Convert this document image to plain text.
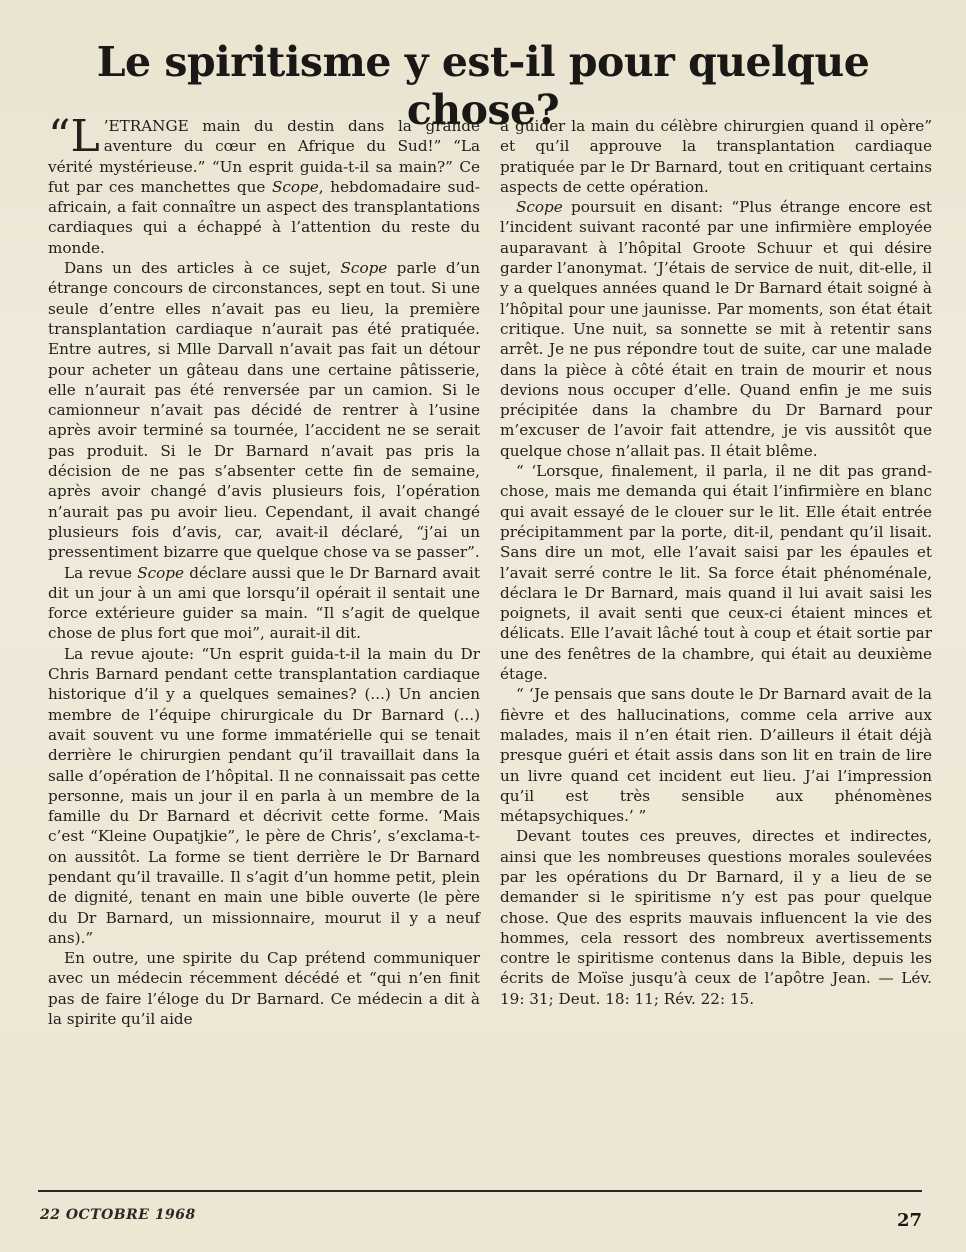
Le spiritisme y est-il pour quelque chose?

“L ’ETRANGE main du destin dans la grande aventure du cœur en Afrique du Sud!” “La vérité mystérieuse.” “Un esprit guida-t-il sa main?” Ce fut par ces manchettes que Scope, hebdomadaire sud-africain, a fait connaître un aspect des transplantations cardiaques qui a échappé à l’attention du reste du monde.

Dans un des articles à ce sujet, Scope parle d’un étrange concours de circonstances, sept en tout. Si une seule d’entre elles n’avait pas eu lieu, la première transplantation cardiaque n’aurait pas été pratiquée. Entre autres, si Mlle Darvall n’avait pas fait un détour pour acheter un gâteau dans une certaine pâtisserie, elle n’aurait pas été renversée par un camion. Si le camionneur n’avait pas décidé de rentrer à l’usine après avoir terminé sa tournée, l’accident ne se serait pas produit. Si le Dr Barnard n’avait pas pris la décision de ne pas s’absenter cette fin de semaine, après avoir changé d’avis plusieurs fois, l’opération n’aurait pas pu avoir lieu. Cependant, il avait changé plusieurs fois d’avis, car, avait-il déclaré, “j’ai un pressentiment bizarre que quelque chose va se passer”.

La revue Scope déclare aussi que le Dr Barnard avait dit un jour à un ami que lorsqu’il opérait il sentait une force extérieure guider sa main. “Il s’agit de quelque chose de plus fort que moi”, aurait-il dit.

La revue ajoute: “Un esprit guida-t-il la main du Dr Chris Barnard pendant cette transplantation cardiaque historique d’il y a quelques semaines? (...) Un ancien membre de l’équipe chirurgicale du Dr Barnard (...) avait souvent vu une forme immatérielle qui se tenait derrière le chirurgien pendant qu’il travaillait dans la salle d’opération de l’hôpital. Il ne connaissait pas cette personne, mais un jour il en parla à un membre de la famille du Dr Barnard et décrivit cette forme. ‘Mais c’est “Kleine Oupatjkie”, le père de Chris’, s’exclama-t-on aussitôt. La forme se tient derrière le Dr Barnard pendant qu’il travaille. Il s’agit d’un homme petit, plein de dignité, tenant en main une bible ouverte (le père du Dr Barnard, un missionnaire, mourut il y a neuf ans).”

En outre, une spirite du Cap prétend communiquer avec un médecin récemment décédé et “qui n’en finit pas de faire l’éloge du Dr Barnard. Ce médecin a dit à la spirite qu’il aide

à guider la main du célèbre chirurgien quand il opère” et qu’il approuve la transplantation cardiaque pratiquée par le Dr Barnard, tout en critiquant certains aspects de cette opération.

Scope poursuit en disant: “Plus étrange encore est l’incident suivant raconté par une infirmière employée auparavant à l’hôpital Groote Schuur et qui désire garder l’anonymat. ‘J’étais de service de nuit, dit-elle, il y a quelques années quand le Dr Barnard était soigné à l’hôpital pour une jaunisse. Par moments, son état était critique. Une nuit, sa sonnette se mit à retentir sans arrêt. Je ne pus répondre tout de suite, car une malade dans la pièce à côté était en train de mourir et nous devions nous occuper d’elle. Quand enfin je me suis précipitée dans la chambre du Dr Barnard pour m’excuser de l’avoir fait attendre, je vis aussitôt que quelque chose n’allait pas. Il était blême.

“ ‘Lorsque, finalement, il parla, il ne dit pas grand-chose, mais me demanda qui était l’infirmière en blanc qui avait essayé de le clouer sur le lit. Elle était entrée précipitamment par la porte, dit-il, pendant qu’il lisait. Sans dire un mot, elle l’avait saisi par les épaules et l’avait serré contre le lit. Sa force était phénoménale, déclara le Dr Barnard, mais quand il lui avait saisi les poignets, il avait senti que ceux-ci étaient minces et délicats. Elle l’avait lâché tout à coup et était sortie par une des fenêtres de la chambre, qui était au deuxième étage.

“ ‘Je pensais que sans doute le Dr Barnard avait de la fièvre et des hallucinations, comme cela arrive aux malades, mais il n’en était rien. D’ailleurs il était déjà presque guéri et était assis dans son lit en train de lire un livre quand cet incident eut lieu. J’ai l’impression qu’il est très sensible aux phénomènes métapsychiques.’ ”

Devant toutes ces preuves, directes et indirectes, ainsi que les nombreuses questions morales soulevées par les opérations du Dr Barnard, il y a lieu de se demander si le spiritisme n’y est pas pour quelque chose. Que des esprits mauvais influencent la vie des hommes, cela ressort des nombreux avertissements contre le spiritisme contenus dans la Bible, depuis les écrits de Moïse jusqu’à ceux de l’apôtre Jean. — Lév. 19: 31; Deut. 18: 11; Rév. 22: 15.

22 OCTOBRE 1968	27
